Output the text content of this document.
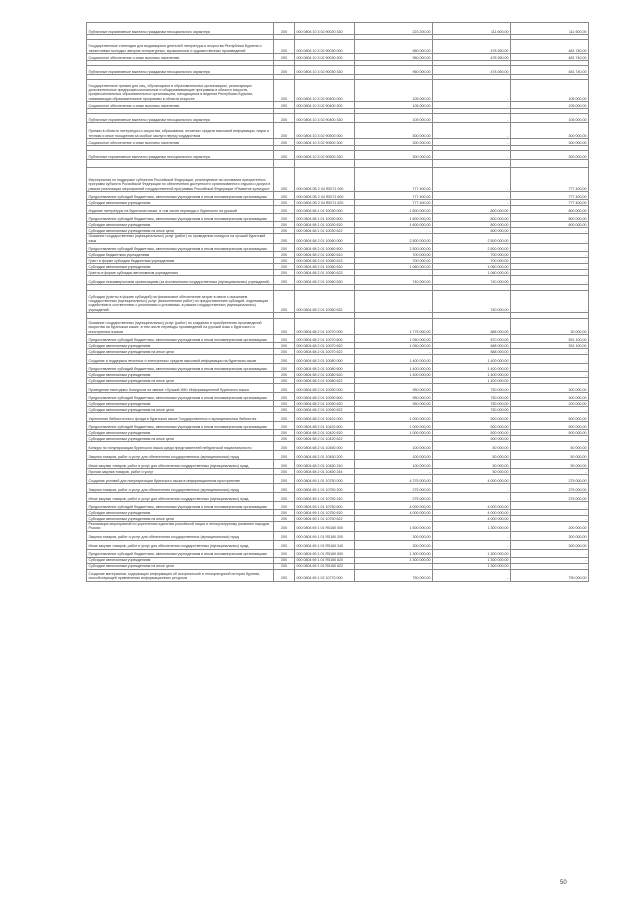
Публичные нормативные выплаты гражданам несоциального характера	200	000 0804 10 3 02 90020 330	223 200,00	111 600,00	111 600,00

Государственные стипендии для выдающихся деятелей литературы и искусства Республики Бурятия и талантливых молодых авторов литературных, музыкальных и художественных произведений	200	000 0804 10 3 02 90030 000	960 000,00	478 260,00	481 740,00
Социальное обеспечение и иные выплаты населению	200	000 0804 10 3 02 90030 300	960 000,00	478 260,00	481 740,00

Публичные нормативные выплаты гражданам несоциального характера	200	000 0804 10 3 02 90030 330	960 000,00	478 260,00	481 740,00

Государственные премии для лиц, обучающихся в образовательных организациях, реализующих дополнительные предпрофессиональные и общеразвивающие программы в области искусств, профессиональных образовательных организациях, находящихся в ведении Республики Бурятия, осваивающих образовательные программы в области искусств	200	000 0804 10 3 02 90400 000	105 000,00	-	105 000,00
Социальное обеспечение и иные выплаты населению	200	000 0804 10 3 02 90400 300	105 000,00	-	105 000,00

Публичные нормативные выплаты гражданам несоциального характера	200	000 0804 10 3 02 90400 330	105 000,00	-	105 000,00
Премии в области литературы и искусства, образования, печатных средств массовой информации, науки и техники и иные поощрения за особые заслуги перед государством	200	000 0804 10 3 02 90500 000	300 000,00	-	300 000,00
Социальное обеспечение и иные выплаты населению	200	000 0804 10 3 02 90500 300	300 000,00	-	300 000,00

Публичные нормативные выплаты гражданам несоциального характера	200	000 0804 10 3 02 90500 330	300 000,00	-	300 000,00

Мероприятия по поддержке субъектов Российской Федерации, реализуемые на основании приоритетных программ субъекта Российской Федерации по обеспечению доступности организованного отдыха и досуга в рамках реализации мероприятий государственной программы Российской Федерации «Развитие культуры»	200	000 0804 0Б 2 04 R5271 000	777 400,00	-	777 400,00
Предоставление субсидий бюджетным, автономным учреждениям и иным некоммерческим организациям	200	000 0804 0Б 2 04 R5271 600	777 400,00	-	777 400,00
Субсидии автономным учреждениям	200	000 0804 0Б 2 04 R5271 620	777 400,00	-	777 400,00
Издание литературы на бурятском языке, в том числе переводы с бурятского на русский	200	000 0804 68 1 01 10030 000	1 600 000,00	800 000,00	800 000,00
Предоставление субсидий бюджетным, автономным учреждениям и иным некоммерческим организациям	200	000 0804 68 1 01 10030 600	1 600 000,00	800 000,00	800 000,00
Субсидии автономным учреждениям	200	000 0804 68 1 01 10030 620	1 600 000,00	800 000,00	800 000,00
Субсидии автономным учреждениям на иные цели	200	000 0804 68 1 01 10030 622	-	800 000,00	-
Оказание государственных (муниципальных) услуг (работ) по проведению конкурса на лучший бурятский язык	200	000 0804 68 2 01 10060 000	2 500 000,00	2 500 000,00	-
Предоставление субсидий бюджетным, автономным учреждениям и иным некоммерческим организациям	200	000 0804 68 2 01 10060 600	2 500 000,00	2 500 000,00	-
Субсидии бюджетным учреждениям	200	000 0804 68 2 01 10060 610	700 000,00	700 000,00	-
Грант в форме субсидии бюджетным учреждениям	200	000 0804 68 2 01 10060 613	700 000,00	700 000,00	-
Субсидии автономным учреждениям	200	000 0804 68 2 01 10060 620	1 060 000,00	1 060 000,00	-
Гранты в форме субсидии автономным учреждениям	200	000 0804 68 2 01 10060 623	-	1 060 000,00	-
Субсидии некоммерческим организациям (за исключением государственных (муниципальных) учреждений)	200	000 0804 68 2 01 10060 630	740 000,00	740 000,00	-

Субсидии (гранты в форме субсидий) на финансовое обеспечение затрат в связи с оказанием государственных (муниципальных) услуг (выполнением работ) по предоставлению субсидий, подлежащим содействию в соответствии с решениями и условиями, в рамках государственных (муниципальных) учреждений	200	000 0804 68 2 01 10060 632	-	740 000,00	-

Оказание государственных (муниципальных) услуг (работ) по созданию и приобретению произведений искусства на бурятском языке, в том числе переводы произведений на русский язык с бурятского и иностранных языков	200	000 0804 68 2 01 10070 000	1 775 000,00	888 000,00	30 000,00
Предоставление субсидий бюджетным, автономным учреждениям и иным некоммерческим организациям	200	000 0804 68 2 01 10070 600	1 050 000,00	870 000,00	551 100,00
Субсидии автономным учреждениям	200	000 0804 68 2 01 10070 620	1 050 000,00	688 000,00	351 100,00
Субсидии автономным учреждениям на иные цели	200	000 0804 68 2 01 10070 622	-	888 000,00	-
Создание и поддержка печатных и электронных средств массовой информации на бурятском языке	200	000 0804 68 2 01 10080 000	1 400 000,00	1 400 000,00	-
Предоставление субсидий бюджетным, автономным учреждениям и иным некоммерческим организациям	200	000 0804 68 2 01 10080 600	1 400 000,00	1 400 000,00	-
Субсидии автономным учреждениям	200	000 0804 68 2 01 10080 620	1 400 000,00	1 400 000,00	-
Субсидии автономным учреждениям на иные цели	200	000 0804 68 2 01 10080 622	-	1 400 000,00	-
Проведение ежегодных Конкурсов на звание «Лучший ЖК» Информационной бурятского языка	200	000 0804 68 2 01 10090 000	950 000,00	750 000,00	300 000,00
Предоставление субсидий бюджетным, автономным учреждениям и иным некоммерческим организациям	200	000 0804 68 2 01 10090 600	950 000,00	750 000,00	300 000,00
Субсидии автономным учреждениям	200	000 0804 68 2 01 10090 620	950 000,00	750 000,00	200 000,00
Субсидии автономным учреждениям на иные цели	200	000 0804 68 2 01 10090 622	-	750 000,00	-
Укрепление библиотечного фонда в бурятском языке Государственных и муниципальных библиотек	200	000 0804 68 2 01 10420 000	1 000 000,00	500 000,00	500 000,00
Предоставление субсидий бюджетным, автономным учреждениям и иным некоммерческим организациям	200	000 0804 68 2 01 10420 600	1 000 000,00	500 000,00	500 000,00
Субсидии автономным учреждениям	200	000 0804 68 2 01 10420 620	1 000 000,00	500 000,00	500 000,00
Субсидии автономным учреждениям на иные цели	200	000 0804 68 2 01 10420 622	-	500 000,00	-
Конкурс по популяризации бурятского языка среди представителей небурятской национальности	200	000 0804 68 2 01 10450 000	100 000,00	50 000,00	50 000,00
Закупка товаров, работ и услуг для обеспечения государственных (муниципальных) нужд	200	000 0804 68 2 01 10450 200	100 000,00	50 000,00	50 000,00
Иные закупки товаров, работ и услуг для обеспечения государственных (муниципальных) нужд	200	000 0804 68 2 01 10450 240	100 000,00	50 000,00	50 000,00
Прочая закупка товаров, работ и услуг	200	000 0804 68 2 01 10450 244	-	50 000,00	-
Создание условий для популяризации бурятского языка в информационном пространстве	200	000 0804 69 1 01 10750 000	4 275 000,00	4 000 000,00	275 000,00
Закупка товаров, работ и услуг для обеспечения государственных (муниципальных) нужд	200	000 0804 69 1 01 10750 200	275 000,00	-	275 000,00
Иные закупки товаров, работ и услуг для обеспечения государственных (муниципальных) нужд	200	000 0804 69 1 01 10750 240	275 000,00	-	275 000,00
Предоставление субсидий бюджетным, автономным учреждениям и иным некоммерческим организациям	200	000 0804 69 1 01 10750 600	4 000 000,00	4 000 000,00	-
Субсидии автономным учреждениям	200	000 0804 69 1 01 10750 620	4 000 000,00	4 000 000,00	-
Субсидии автономным учреждениям на иные цели	200	000 0804 69 1 01 10750 622	-	4 000 000,00	-
Реализация мероприятий по укреплению единства российской нации и этнокультурному развитию народов России	200	000 0804 69 1 01 R5160 000	1 500 000,00	1 300 000,00	200 000,00
Закупка товаров, работ и услуг для обеспечения государственных (муниципальных) нужд	200	000 0804 69 1 01 R5160 200	300 000,00	-	300 000,00
Иные закупки товаров, работ и услуг для обеспечения государственных (муниципальных) нужд	200	000 0804 69 1 01 R5160 240	300 000,00	-	300 000,00
Предоставление субсидий бюджетным, автономным учреждениям и иным некоммерческим организациям	200	000 0804 69 1 01 R5160 600	1 300 000,00	1 300 000,00	-
Субсидии автономным учреждениям	200	000 0804 69 1 01 R5160 620	1 300 000,00	1 300 000,00	-
Субсидии автономным учреждениям на иные цели	200	000 0804 69 1 01 R5160 622	-	1 300 000,00	-
Создание материалов, содержащих информацию об исторической и этнокультурной истории бурятии, способствующей привлечению информационных ресурсов	200	000 0804 69 1 02 10770 000	750 000,00	-	750 000,00
50
